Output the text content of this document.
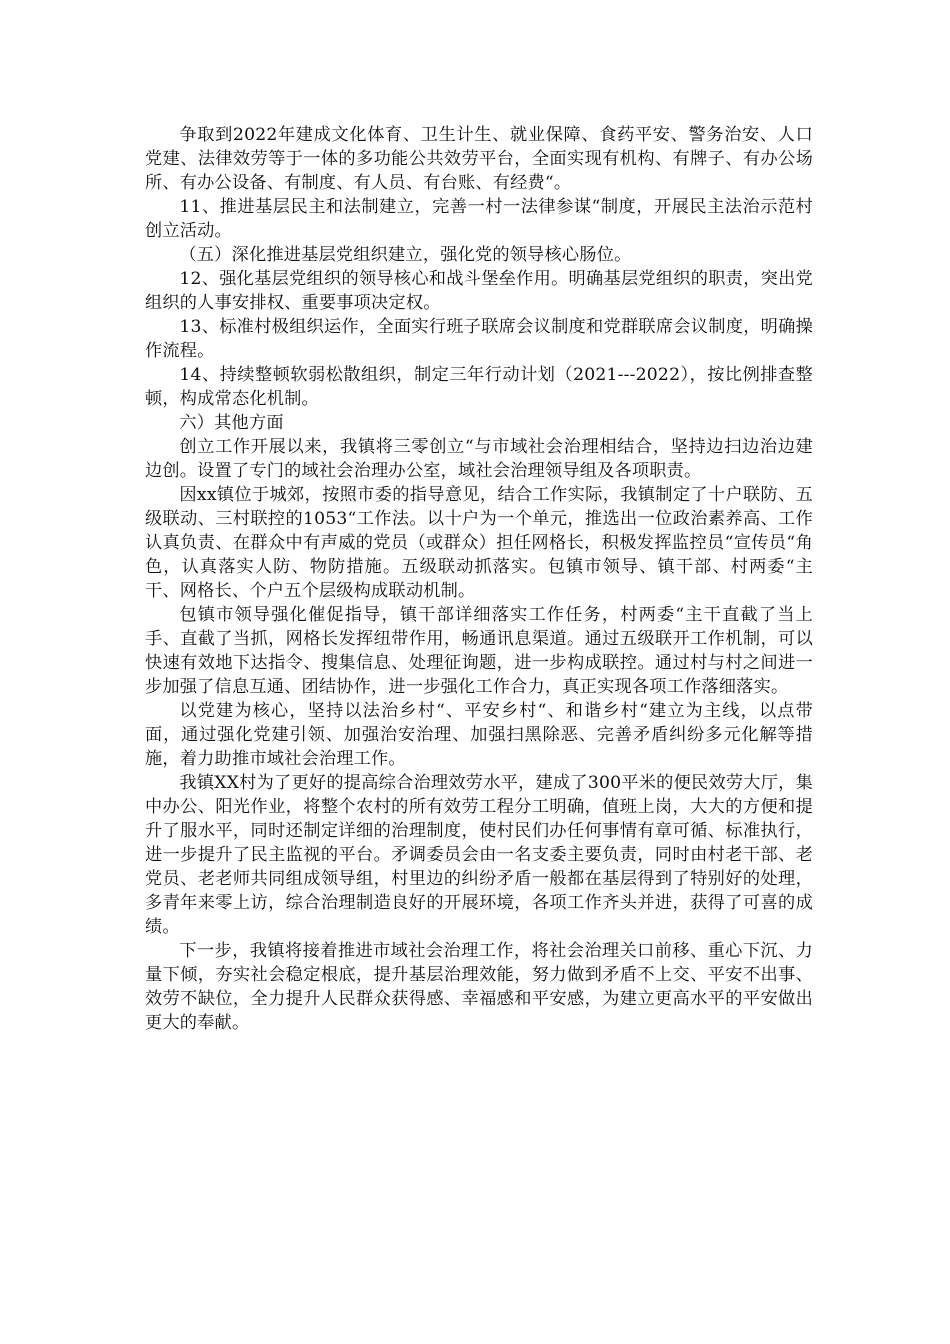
争取到2022年建成文化体育、卫生计生、就业保障、食药平安、警务治安、人口党建、法律效劳等于一体的多功能公共效劳平台，全面实现有机构、有牌子、有办公场所、有办公设备、有制度、有人员、有台账、有经费“。

11、推进基层民主和法制建立，完善一村一法律参谋“制度，开展民主法治示范村创立活动。

（五）深化推进基层党组织建立，强化党的领导核心肠位。

12、强化基层党组织的领导核心和战斗堡垒作用。明确基层党组织的职责，突出党组织的人事安排权、重要事项决定权。

13、标准村极组织运作，全面实行班子联席会议制度和党群联席会议制度，明确操作流程。

14、持续整顿软弱松散组织，制定三年行动计划（2021---2022），按比例排查整顿，构成常态化机制。

六）其他方面

创立工作开展以来，我镇将三零创立“与市域社会治理相结合，坚持边扫边治边建边创。设置了专门的域社会治理办公室，域社会治理领导组及各项职责。

因xx镇位于城郊，按照市委的指导意见，结合工作实际，我镇制定了十户联防、五级联动、三村联控的1053“工作法。以十户为一个单元，推选出一位政治素养高、工作认真负责、在群众中有声威的党员（或群众）担任网格长，积极发挥监控员“宣传员“角色，认真落实人防、物防措施。五级联动抓落实。包镇市领导、镇干部、村两委“主干、网格长、个户五个层级构成联动机制。

包镇市领导强化催促指导，镇干部详细落实工作任务，村两委“主干直截了当上手、直截了当抓，网格长发挥纽带作用，畅通讯息渠道。通过五级联开工作机制，可以快速有效地下达指令、搜集信息、处理征询题，进一步构成联控。通过村与村之间进一步加强了信息互通、团结协作，进一步强化工作合力，真正实现各项工作落细落实。

以党建为核心，坚持以法治乡村“、平安乡村“、和谐乡村“建立为主线，以点带面，通过强化党建引领、加强治安治理、加强扫黑除恶、完善矛盾纠纷多元化解等措施，着力助推市域社会治理工作。

我镇XX村为了更好的提高综合治理效劳水平，建成了300平米的便民效劳大厅，集中办公、阳光作业，将整个农村的所有效劳工程分工明确，值班上岗，大大的方便和提升了服水平，同时还制定详细的治理制度，使村民们办任何事情有章可循、标准执行，进一步提升了民主监视的平台。矛调委员会由一名支委主要负责，同时由村老干部、老党员、老老师共同组成领导组，村里边的纠纷矛盾一般都在基层得到了特别好的处理，多青年来零上访，综合治理制造良好的开展环境，各项工作齐头并进，获得了可喜的成绩。

下一步，我镇将接着推进市域社会治理工作，将社会治理关口前移、重心下沉、力量下倾，夯实社会稳定根底，提升基层治理效能，努力做到矛盾不上交、平安不出事、效劳不缺位，全力提升人民群众获得感、幸福感和平安感，为建立更高水平的平安做出更大的奉献。
